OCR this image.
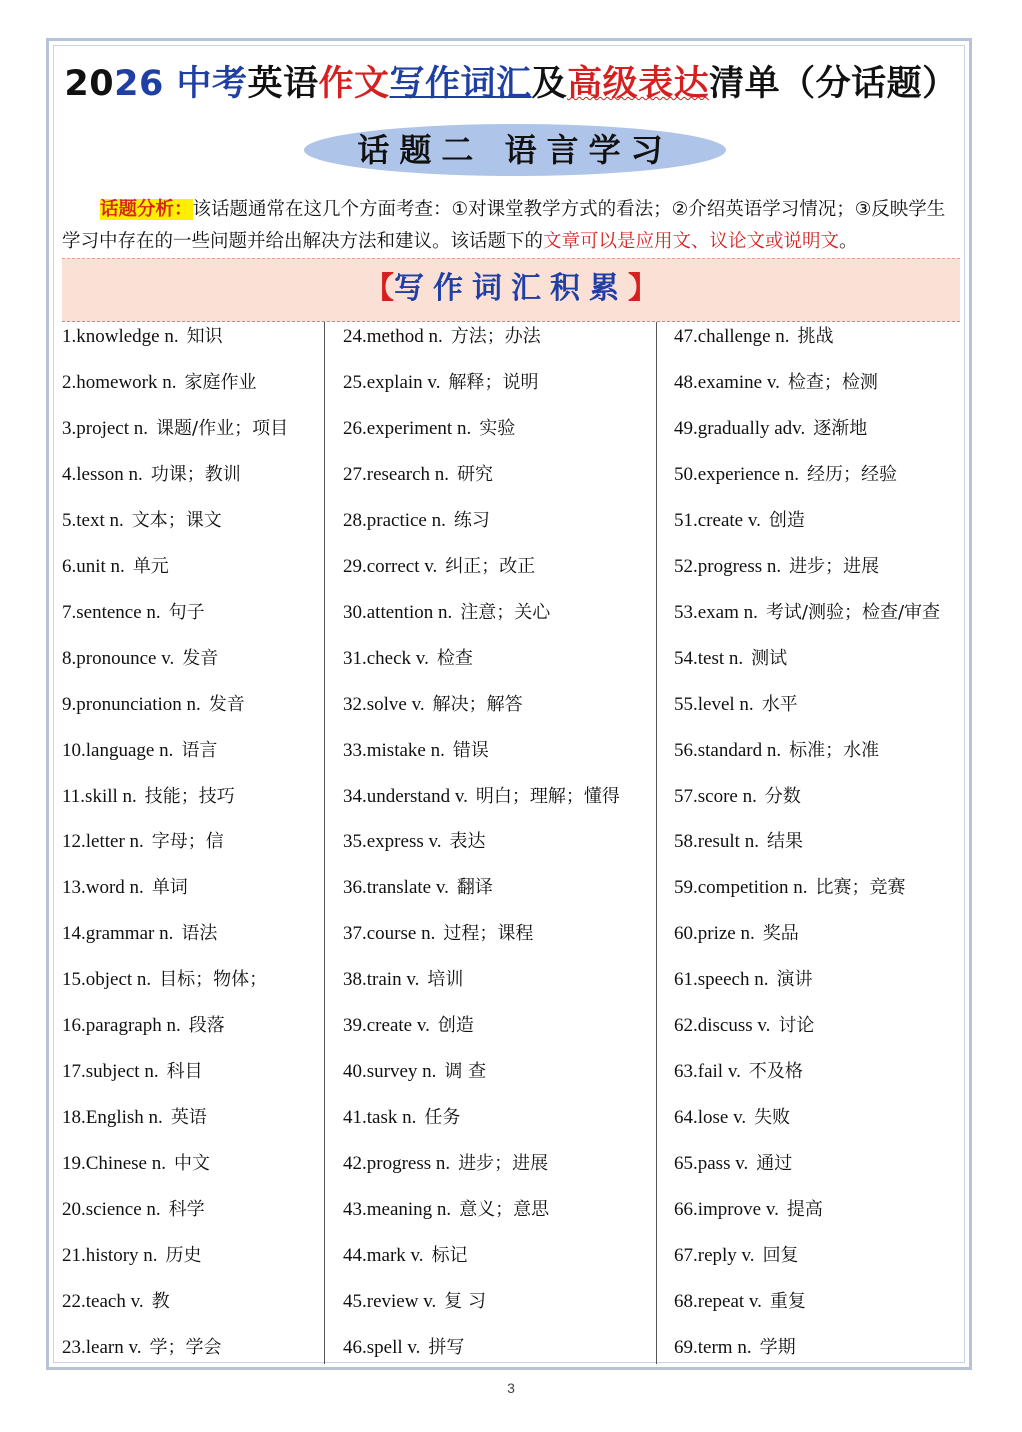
2026 中考英语作文写作词汇及高级表达清单（分话题）
话题二 语言学习
话题分析：该话题通常在这几个方面考查：①对课堂教学方式的看法；②介绍英语学习情况；③反映学生学习中存在的一些问题并给出解决方法和建议。该话题下的文章可以是应用文、议论文或说明文。
【写作词汇积累】
1.knowledge n. 知识
2.homework n. 家庭作业
3.project n. 课题/作业；项目
4.lesson n. 功课；教训
5.text n. 文本；课文
6.unit n. 单元
7.sentence n. 句子
8.pronounce v. 发音
9.pronunciation n. 发音
10.language n. 语言
11.skill n. 技能；技巧
12.letter n. 字母；信
13.word n. 单词
14.grammar n. 语法
15.object n. 目标；物体；
16.paragraph n. 段落
17.subject n. 科目
18.English n. 英语
19.Chinese n. 中文
20.science n. 科学
21.history n. 历史
22.teach v. 教
23.learn v. 学；学会
24.method n. 方法；办法
25.explain v. 解释；说明
26.experiment n. 实验
27.research n. 研究
28.practice n. 练习
29.correct v. 纠正；改正
30.attention n. 注意；关心
31.check v. 检查
32.solve v. 解决；解答
33.mistake n. 错误
34.understand v. 明白；理解；懂得
35.express v. 表达
36.translate v. 翻译
37.course n. 过程；课程
38.train v. 培训
39.create v. 创造
40.survey n. 调 查
41.task n. 任务
42.progress n. 进步；进展
43.meaning n. 意义；意思
44.mark v. 标记
45.review v. 复 习
46.spell v. 拼写
47.challenge n. 挑战
48.examine v. 检查；检测
49.gradually adv. 逐渐地
50.experience n. 经历；经验
51.create v. 创造
52.progress n. 进步；进展
53.exam n. 考试/测验；检查/审查
54.test n. 测试
55.level n. 水平
56.standard n. 标准；水准
57.score n. 分数
58.result n. 结果
59.competition n. 比赛；竞赛
60.prize n. 奖品
61.speech n. 演讲
62.discuss v. 讨论
63.fail v. 不及格
64.lose v. 失败
65.pass v. 通过
66.improve v. 提高
67.reply v. 回复
68.repeat v. 重复
69.term n. 学期
3
